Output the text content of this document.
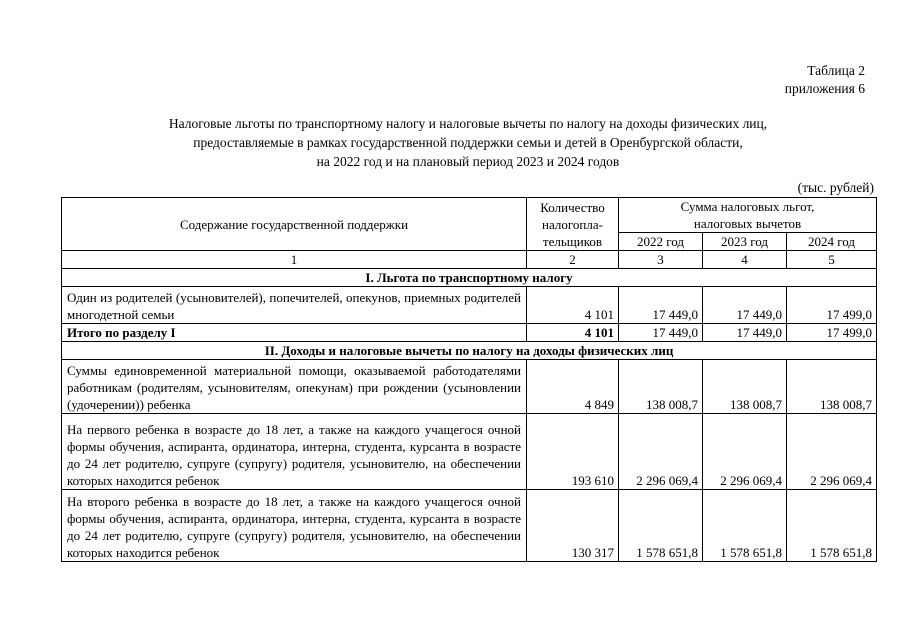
Таблица 2
приложения 6
Налоговые льготы по транспортному налогу и налоговые вычеты по налогу на доходы физических лиц,
предоставляемые в рамках государственной поддержки семьи и детей в Оренбургской области,
на 2022 год и на плановый период 2023 и 2024 годов
(тыс. рублей)
Содержание государственной поддержки	Количество
налогопла-
тельщиков	Сумма налоговых льгот,
налоговых вычетов		
		2022 год	2023 год	2024 год
1	2	3	4	5
I. Льгота по транспортному налогу				
Один из родителей (усыновителей), попечителей, опекунов, приемных родителей многодетной семьи	4 101	17 449,0	17 449,0	17 499,0
Итого по разделу I	4 101	17 449,0	17 449,0	17 499,0
II. Доходы и налоговые вычеты по налогу на доходы физических лиц				
Суммы единовременной материальной помощи, оказываемой работодателями работникам (родителям, усыновителям, опекунам) при рождении (усыновлении (удочерении)) ребенка	4 849	138 008,7	138 008,7	138 008,7
На первого ребенка в возрасте до 18 лет, а также на каждого учащегося очной формы обучения, аспиранта, ординатора, интерна, студента, курсанта в возрасте до 24 лет родителю, супруге (супругу) родителя, усыновителю, на обеспечении которых находится ребенок	193 610	2 296 069,4	2 296 069,4	2 296 069,4
На второго ребенка в возрасте до 18 лет, а также на каждого учащегося очной формы обучения, аспиранта, ординатора, интерна, студента, курсанта в возрасте до 24 лет родителю, супруге (супругу) родителя, усыновителю, на обеспечении которых находится ребенок	130 317	1 578 651,8	1 578 651,8	1 578 651,8
